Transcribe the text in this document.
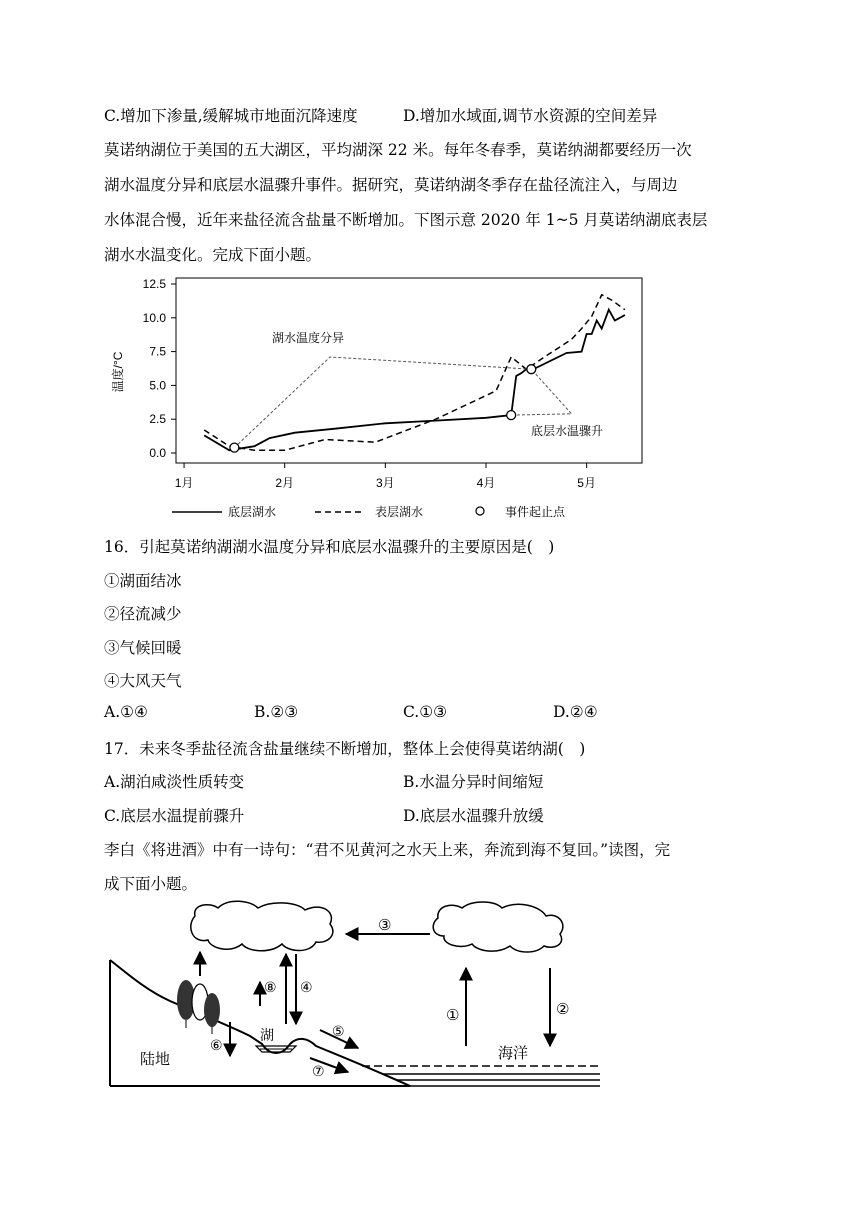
C.增加下渗量,缓解城市地面沉降速度	D.增加水域面,调节水资源的空间差异
莫诺纳湖位于美国的五大湖区，平均湖深 22 米。每年冬春季，莫诺纳湖都要经历一次
湖水温度分异和底层水温骤升事件。据研究，莫诺纳湖冬季存在盐径流注入，与周边
水体混合慢，近年来盐径流含盐量不断增加。下图示意 2020 年 1~5 月莫诺纳湖底表层
湖水水温变化。完成下面小题。
温度/°C
0.0
2.5
5.0
7.5
10.0
12.5
1月	2月	3月	4月	5月
湖水温度分异
底层水温骤升
底层湖水	表层湖水	事件起止点
16．引起莫诺纳湖湖水温度分异和底层水温骤升的主要原因是(　)
①湖面结冰
②径流减少
③气候回暖
④大风天气
A.①④	B.②③	C.①③	D.②④
17．未来冬季盐径流含盐量继续不断增加，整体上会使得莫诺纳湖(　)
A.湖泊咸淡性质转变	B.水温分异时间缩短
C.底层水温提前骤升	D.底层水温骤升放缓
李白《将进酒》中有一诗句：“君不见黄河之水天上来，奔流到海不复回。”读图，完
成下面小题。
③
⑧ ④
⑤
⑥
⑦
①	②
陆地
湖
海洋
